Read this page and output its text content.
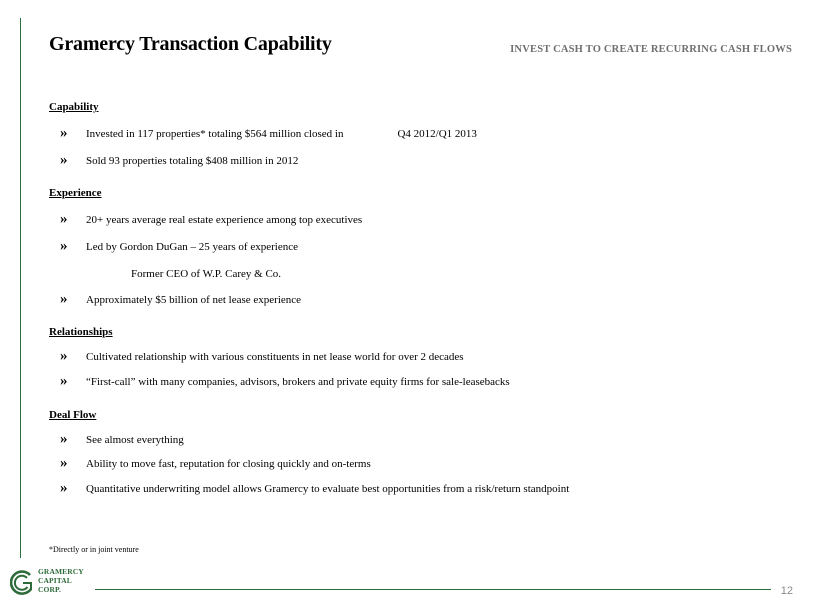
Gramercy Transaction Capability	INVEST CASH TO CREATE RECURRING CASH FLOWS
Capability
» Invested in 117 properties* totaling $564 million closed in	Q4 2012/Q1 2013
» Sold 93 properties totaling $408 million in 2012
Experience
» 20+ years average real estate experience among top executives
» Led by Gordon DuGan – 25 years of experience
Former CEO of W.P. Carey & Co.
» Approximately $5 billion of net lease experience
Relationships
» Cultivated relationship with various constituents in net lease world for over 2 decades
» “First-call” with many companies, advisors, brokers and private equity firms for sale-leasebacks
Deal Flow
» See almost everything
» Ability to move fast, reputation for closing quickly and on-terms
» Quantitative underwriting model allows Gramercy to evaluate best opportunities from a risk/return standpoint
*Directly or in joint venture
GRAMERCY
CAPITAL
CORP.	12
